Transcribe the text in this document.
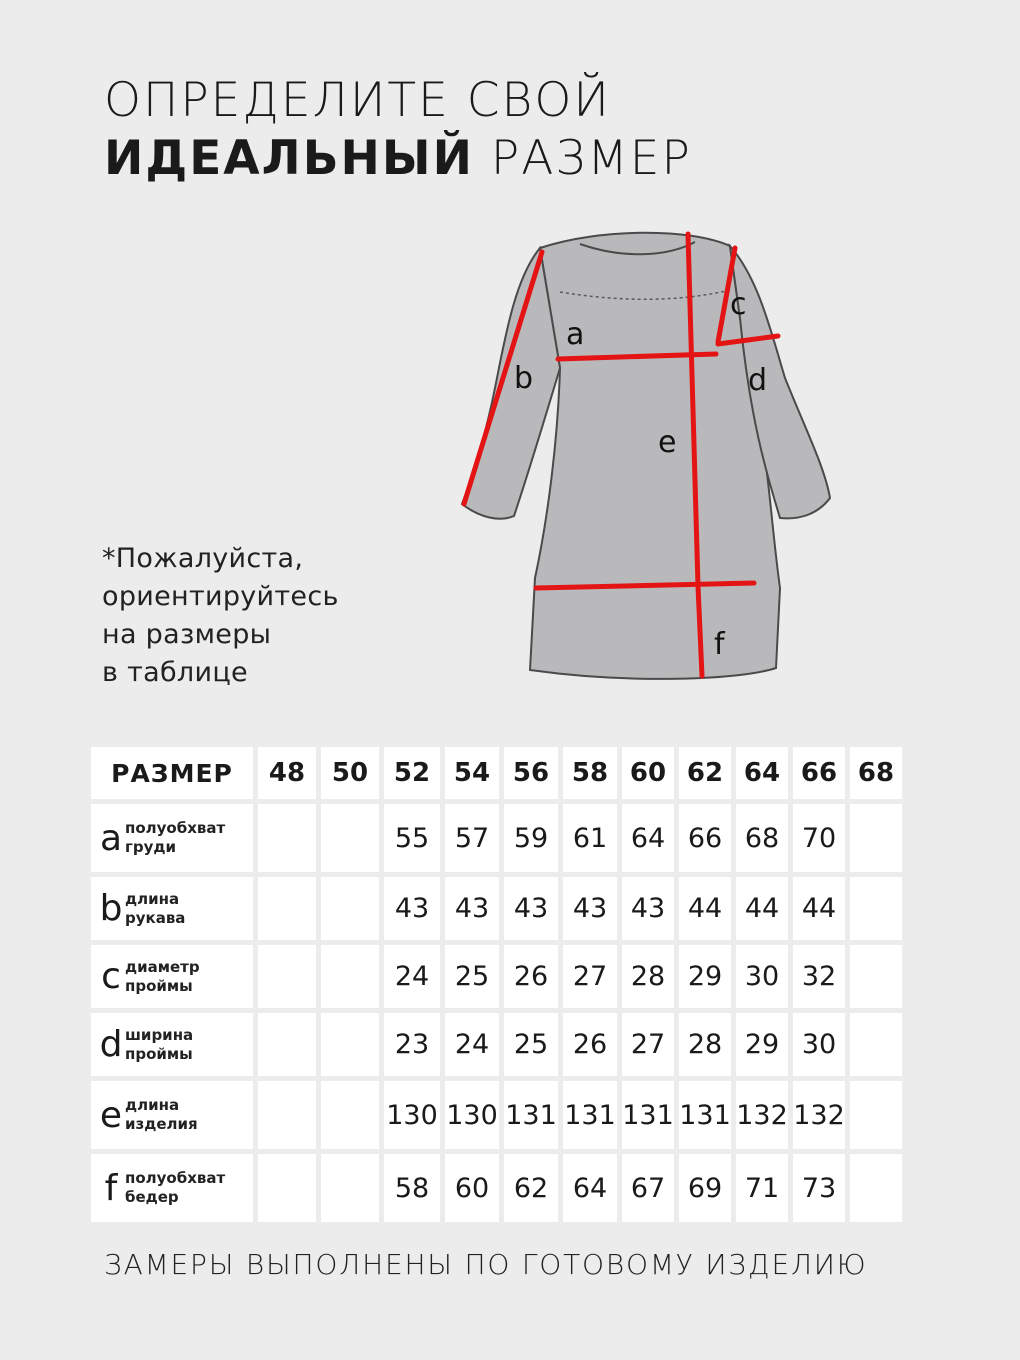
ОПРЕДЕЛИТЕ СВОЙ
ИДЕАЛЬНЫЙ РАЗМЕР
*Пожалуйста,
ориентируйтесь
на размеры
в таблице
a
b
c
d
e
f
РАЗМЕР	48	50	52	54	56	58	60	62	64	66	68
a полуобхват
груди			55	57	59	61	64	66	68	70	
b длина
рукава			43	43	43	43	43	44	44	44	
c диаметр
проймы			24	25	26	27	28	29	30	32	
d ширина
проймы			23	24	25	26	27	28	29	30	
e длина
изделия			130	130	131	131	131	131	132	132	
f полуобхват
бедер			58	60	62	64	67	69	71	73	
ЗАМЕРЫ ВЫПОЛНЕНЫ ПО ГОТОВОМУ ИЗДЕЛИЮ
